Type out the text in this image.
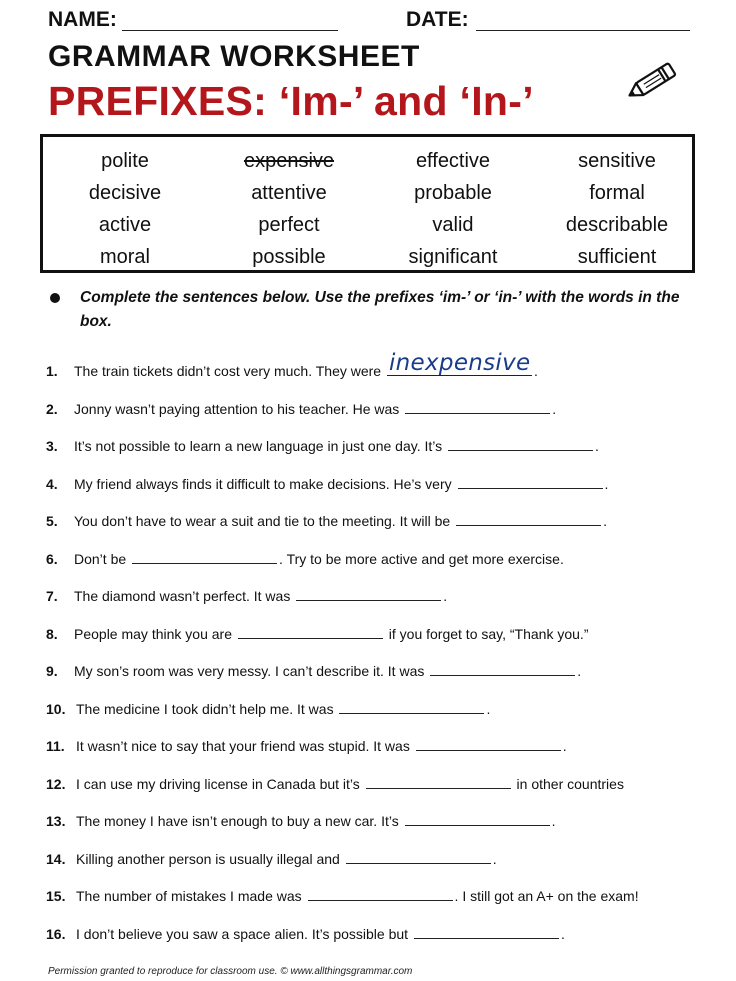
NAME:	DATE:
GRAMMAR WORKSHEET
PREFIXES: ‘Im-’ and ‘In-’
polite	expensive	effective	sensitive
decisive	attentive	probable	formal
active	perfect	valid	describable
moral	possible	significant	sufficient
Complete the sentences below. Use the prefixes ‘im-’ or ‘in-’ with the words in the box.
1. The train tickets didn’t cost very much. They were inexpensive .
2. Jonny wasn’t paying attention to his teacher. He was	.
3. It’s not possible to learn a new language in just one day. It’s	.
4. My friend always finds it difficult to make decisions. He’s very	.
5. You don’t have to wear a suit and tie to the meeting. It will be	.
6. Don’t be	. Try to be more active and get more exercise.
7. The diamond wasn’t perfect. It was	.
8. People may think you are	if you forget to say, “Thank you.”
9. My son’s room was very messy. I can’t describe it. It was	.
10. The medicine I took didn’t help me. It was	.
11. It wasn’t nice to say that your friend was stupid. It was	.
12. I can use my driving license in Canada but it’s	in other countries
13. The money I have isn’t enough to buy a new car. It’s	.
14. Killing another person is usually illegal and	.
15. The number of mistakes I made was	. I still got an A+ on the exam!
16. I don’t believe you saw a space alien. It’s possible but	.
Permission granted to reproduce for classroom use. © www.allthingsgrammar.com
